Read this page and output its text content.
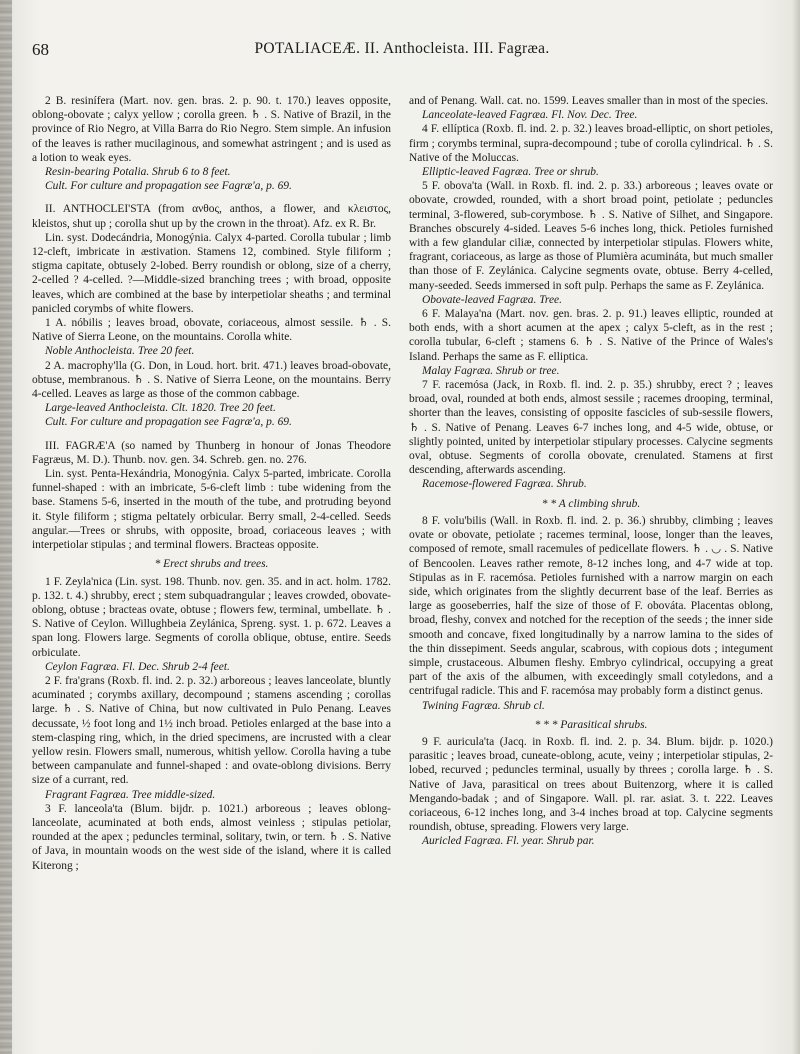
68	POTALIACEÆ. II. Anthocleista. III. Fagræa.

2 B. resinífera (Mart. nov. gen. bras. 2. p. 90. t. 170.) leaves opposite, oblong-obovate ; calyx yellow ; corolla green. ♄ . S. Native of Brazil, in the province of Rio Negro, at Villa Barra do Rio Negro. Stem simple. An infusion of the leaves is rather mucilaginous, and somewhat astringent ; and is used as a lotion to weak eyes.

Resin-bearing Potalia. Shrub 6 to 8 feet.

Cult. For culture and propagation see Fagræ'a, p. 69.

II. ANTHOCLEI'STA (from ανθος, anthos, a flower, and κλειστος, kleistos, shut up ; corolla shut up by the crown in the throat). Afz. ex R. Br.

Lin. syst. Dodecándria, Monogýnia. Calyx 4-parted. Corolla tubular ; limb 12-cleft, imbricate in æstivation. Stamens 12, combined. Style filiform ; stigma capitate, obtusely 2-lobed. Berry roundish or oblong, size of a cherry, 2-celled ? 4-celled. ?—Middle-sized branching trees ; with broad, opposite leaves, which are combined at the base by interpetiolar sheaths ; and terminal panicled corymbs of white flowers.

1 A. nóbilis ; leaves broad, obovate, coriaceous, almost sessile. ♄ . S. Native of Sierra Leone, on the mountains. Corolla white.

Noble Anthocleista. Tree 20 feet.

2 A. macrophy'lla (G. Don, in Loud. hort. brit. 471.) leaves broad-obovate, obtuse, membranous. ♄ . S. Native of Sierra Leone, on the mountains. Berry 4-celled. Leaves as large as those of the common cabbage.

Large-leaved Anthocleista. Clt. 1820. Tree 20 feet.

Cult. For culture and propagation see Fagræ'a, p. 69.

III. FAGRÆ'A (so named by Thunberg in honour of Jonas Theodore Fagræus, M. D.). Thunb. nov. gen. 34. Schreb. gen. no. 276.

Lin. syst. Penta-Hexándria, Monogýnia. Calyx 5-parted, imbricate. Corolla funnel-shaped : with an imbricate, 5-6-cleft limb : tube widening from the base. Stamens 5-6, inserted in the mouth of the tube, and protruding beyond it. Style filiform ; stigma peltately orbicular. Berry small, 2-4-celled. Seeds angular.—Trees or shrubs, with opposite, broad, coriaceous leaves ; with interpetiolar stipulas ; and terminal flowers. Bracteas opposite.

* Erect shrubs and trees.

1 F. Zeyla'nica (Lin. syst. 198. Thunb. nov. gen. 35. and in act. holm. 1782. p. 132. t. 4.) shrubby, erect ; stem subquadrangular ; leaves crowded, obovate-oblong, obtuse ; bracteas ovate, obtuse ; flowers few, terminal, umbellate. ♄ . S. Native of Ceylon. Willughbeia Zeylánica, Spreng. syst. 1. p. 672. Leaves a span long. Flowers large. Segments of corolla oblique, obtuse, entire. Seeds orbiculate.

Ceylon Fagræa. Fl. Dec. Shrub 2-4 feet.

2 F. fra'grans (Roxb. fl. ind. 2. p. 32.) arboreous ; leaves lanceolate, bluntly acuminated ; corymbs axillary, decompound ; stamens ascending ; corollas large. ♄ . S. Native of China, but now cultivated in Pulo Penang. Leaves decussate, ½ foot long and 1½ inch broad. Petioles enlarged at the base into a stem-clasping ring, which, in the dried specimens, are incrusted with a clear yellow resin. Flowers small, numerous, whitish yellow. Corolla having a tube between campanulate and funnel-shaped : and ovate-oblong divisions. Berry size of a currant, red.

Fragrant Fagræa. Tree middle-sized.

3 F. lanceola'ta (Blum. bijdr. p. 1021.) arboreous ; leaves oblong-lanceolate, acuminated at both ends, almost veinless ; stipulas petiolar, rounded at the apex ; peduncles terminal, solitary, twin, or tern. ♄ . S. Native of Java, in mountain woods on the west side of the island, where it is called Kiterong ;

and of Penang. Wall. cat. no. 1599. Leaves smaller than in most of the species.

Lanceolate-leaved Fagræa. Fl. Nov. Dec. Tree.

4 F. ellíptica (Roxb. fl. ind. 2. p. 32.) leaves broad-elliptic, on short petioles, firm ; corymbs terminal, supra-decompound ; tube of corolla cylindrical. ♄ . S. Native of the Moluccas.

Elliptic-leaved Fagræa. Tree or shrub.

5 F. obova'ta (Wall. in Roxb. fl. ind. 2. p. 33.) arboreous ; leaves ovate or obovate, crowded, rounded, with a short broad point, petiolate ; peduncles terminal, 3-flowered, sub-corymbose. ♄ . S. Native of Silhet, and Singapore. Branches obscurely 4-sided. Leaves 5-6 inches long, thick. Petioles furnished with a few glandular ciliæ, connected by interpetiolar stipulas. Flowers white, fragrant, coriaceous, as large as those of Plumièra acumináta, but much smaller than those of F. Zeylánica. Calycine segments ovate, obtuse. Berry 4-celled, many-seeded. Seeds immersed in soft pulp. Perhaps the same as F. Zeylánica.

Obovate-leaved Fagræa. Tree.

6 F. Malaya'na (Mart. nov. gen. bras. 2. p. 91.) leaves elliptic, rounded at both ends, with a short acumen at the apex ; calyx 5-cleft, as in the rest ; corolla tubular, 6-cleft ; stamens 6. ♄ . S. Native of the Prince of Wales's Island. Perhaps the same as F. elliptica.

Malay Fagræa. Shrub or tree.

7 F. racemósa (Jack, in Roxb. fl. ind. 2. p. 35.) shrubby, erect ? ; leaves broad, oval, rounded at both ends, almost sessile ; racemes drooping, terminal, shorter than the leaves, consisting of opposite fascicles of sub-sessile flowers, ♄ . S. Native of Penang. Leaves 6-7 inches long, and 4-5 wide, obtuse, or slightly pointed, united by interpetiolar stipulary processes. Calycine segments oval, obtuse. Segments of corolla obovate, crenulated. Stamens at first descending, afterwards ascending.

Racemose-flowered Fagræa. Shrub.

* * A climbing shrub.

8 F. volu'bilis (Wall. in Roxb. fl. ind. 2. p. 36.) shrubby, climbing ; leaves ovate or obovate, petiolate ; racemes terminal, loose, longer than the leaves, composed of remote, small racemules of pedicellate flowers. ♄ . ◡ . S. Native of Bencoolen. Leaves rather remote, 8-12 inches long, and 4-7 wide at top. Stipulas as in F. racemósa. Petioles furnished with a narrow margin on each side, which originates from the slightly decurrent base of the leaf. Berries as large as gooseberries, half the size of those of F. obováta. Placentas oblong, broad, fleshy, convex and notched for the reception of the seeds ; the inner side smooth and concave, fixed longitudinally by a narrow lamina to the sides of the thin dissepiment. Seeds angular, scabrous, with copious dots ; integument simple, crustaceous. Albumen fleshy. Embryo cylindrical, occupying a great part of the axis of the albumen, with exceedingly small cotyledons, and a centrifugal radicle. This and F. racemósa may probably form a distinct genus.

Twining Fagræa. Shrub cl.

* * * Parasitical shrubs.

9 F. auricula'ta (Jacq. in Roxb. fl. ind. 2. p. 34. Blum. bijdr. p. 1020.) parasitic ; leaves broad, cuneate-oblong, acute, veiny ; interpetiolar stipulas, 2-lobed, recurved ; peduncles terminal, usually by threes ; corolla large. ♄ . S. Native of Java, parasitical on trees about Buitenzorg, where it is called Mengando-badak ; and of Singapore. Wall. pl. rar. asiat. 3. t. 222. Leaves coriaceous, 6-12 inches long, and 3-4 inches broad at top. Calycine segments roundish, obtuse, spreading. Flowers very large.

Auricled Fagræa. Fl. year. Shrub par.
